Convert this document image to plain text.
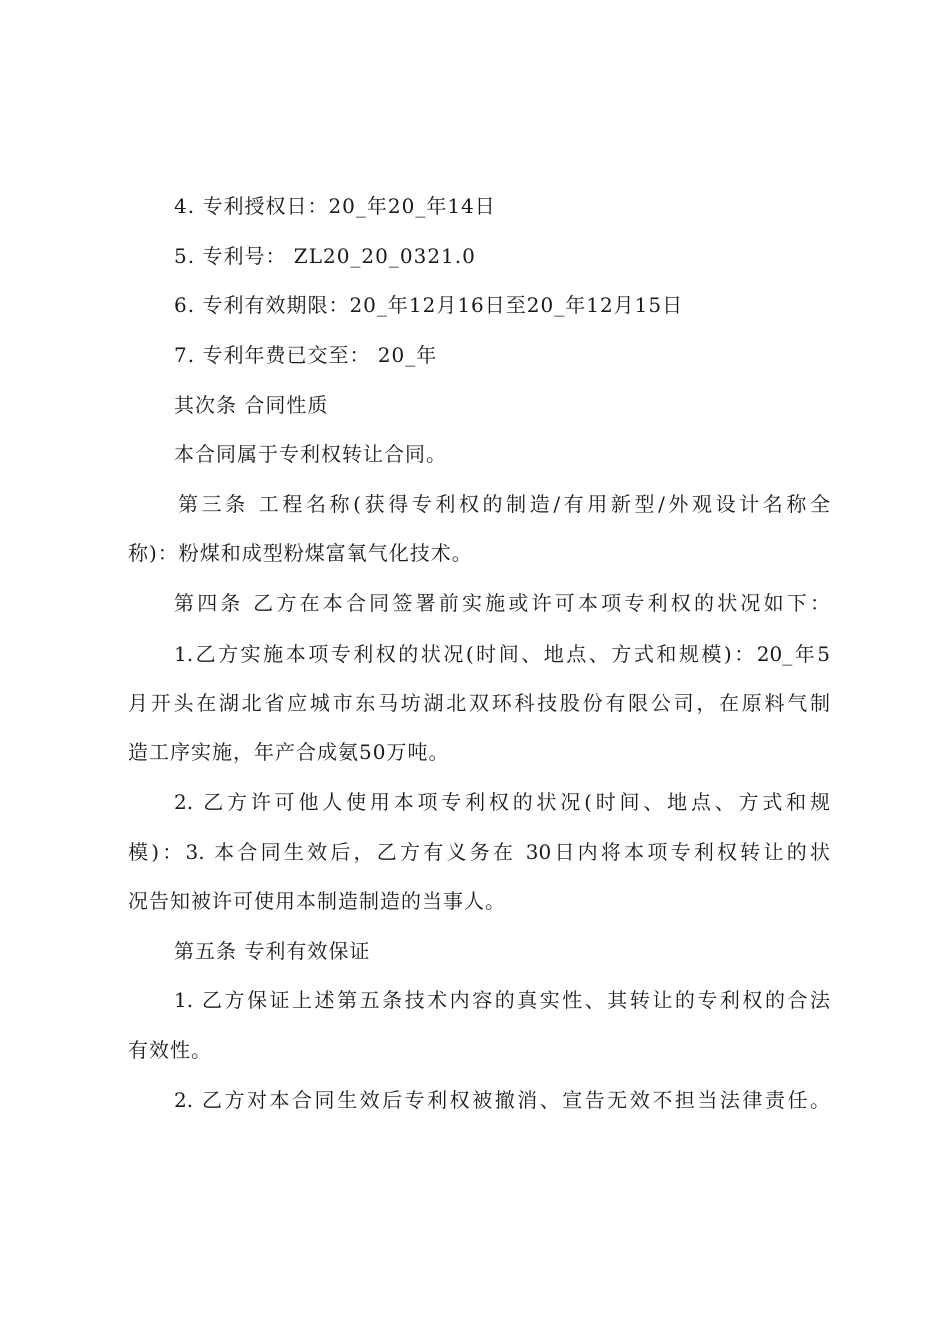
4. 专利授权日：20_年20_年14日
5. 专利号： ZL20_20_0321.0
6. 专利有效期限：20_年12月16日至20_年12月15日
7. 专利年费已交至： 20_年
其次条 合同性质
本合同属于专利权转让合同。
第三条 工程名称(获得专利权的制造/有用新型/外观设计名称全
称)：粉煤和成型粉煤富氧气化技术。
第四条 乙方在本合同签署前实施或许可本项专利权的状况如下：
1.乙方实施本项专利权的状况(时间、地点、方式和规模)：20_年5
月开头在湖北省应城市东马坊湖北双环科技股份有限公司，在原料气制
造工序实施，年产合成氨50万吨。
2. 乙方许可他人使用本项专利权的状况(时间、地点、方式和规
模)：3. 本合同生效后，乙方有义务在 30日内将本项专利权转让的状
况告知被许可使用本制造制造的当事人。
第五条 专利有效保证
1. 乙方保证上述第五条技术内容的真实性、其转让的专利权的合法
有效性。
2. 乙方对本合同生效后专利权被撤消、宣告无效不担当法律责任。
